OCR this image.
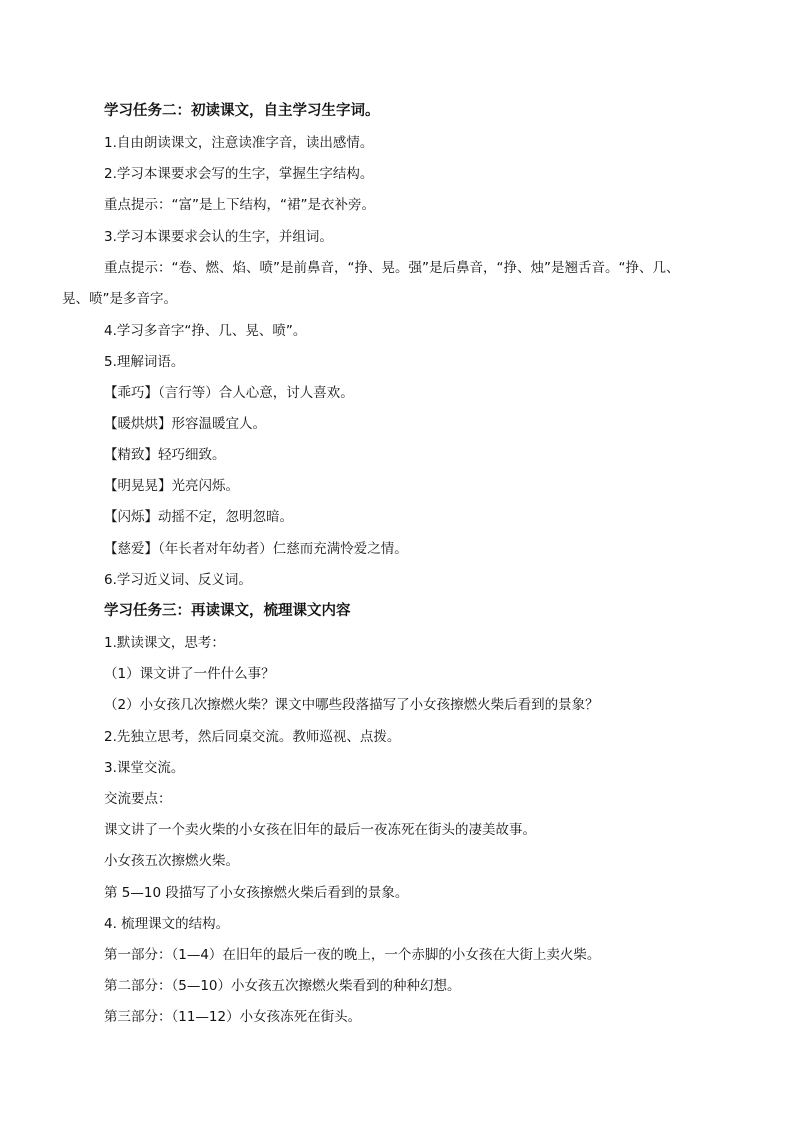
学习任务二：初读课文，自主学习生字词。
1.自由朗读课文，注意读准字音，读出感情。
2.学习本课要求会写的生字，掌握生字结构。
重点提示：“富”是上下结构，“裙”是衣补旁。
3.学习本课要求会认的生字，并组词。
重点提示：“卷、燃、焰、喷”是前鼻音，“挣、晃。强”是后鼻音，“挣、烛”是翘舌音。“挣、几、
晃、喷”是多音字。
4.学习多音字“挣、几、晃、喷”。
5.理解词语。
【乖巧】（言行等）合人心意，讨人喜欢。
【暖烘烘】形容温暖宜人。
【精致】轻巧细致。
【明晃晃】光亮闪烁。
【闪烁】动摇不定，忽明忽暗。
【慈爱】（年长者对年幼者）仁慈而充满怜爱之情。
6.学习近义词、反义词。
学习任务三：再读课文，梳理课文内容
1.默读课文，思考：
（1）课文讲了一件什么事？
（2）小女孩几次擦燃火柴？课文中哪些段落描写了小女孩擦燃火柴后看到的景象？
2.先独立思考，然后同桌交流。教师巡视、点拨。
3.课堂交流。
交流要点：
课文讲了一个卖火柴的小女孩在旧年的最后一夜冻死在街头的凄美故事。
小女孩五次擦燃火柴。
第 5—10 段描写了小女孩擦燃火柴后看到的景象。
4. 梳理课文的结构。
第一部分：（1—4）在旧年的最后一夜的晚上，一个赤脚的小女孩在大街上卖火柴。
第二部分：（5—10）小女孩五次擦燃火柴看到的种种幻想。
第三部分：（11—12）小女孩冻死在街头。
